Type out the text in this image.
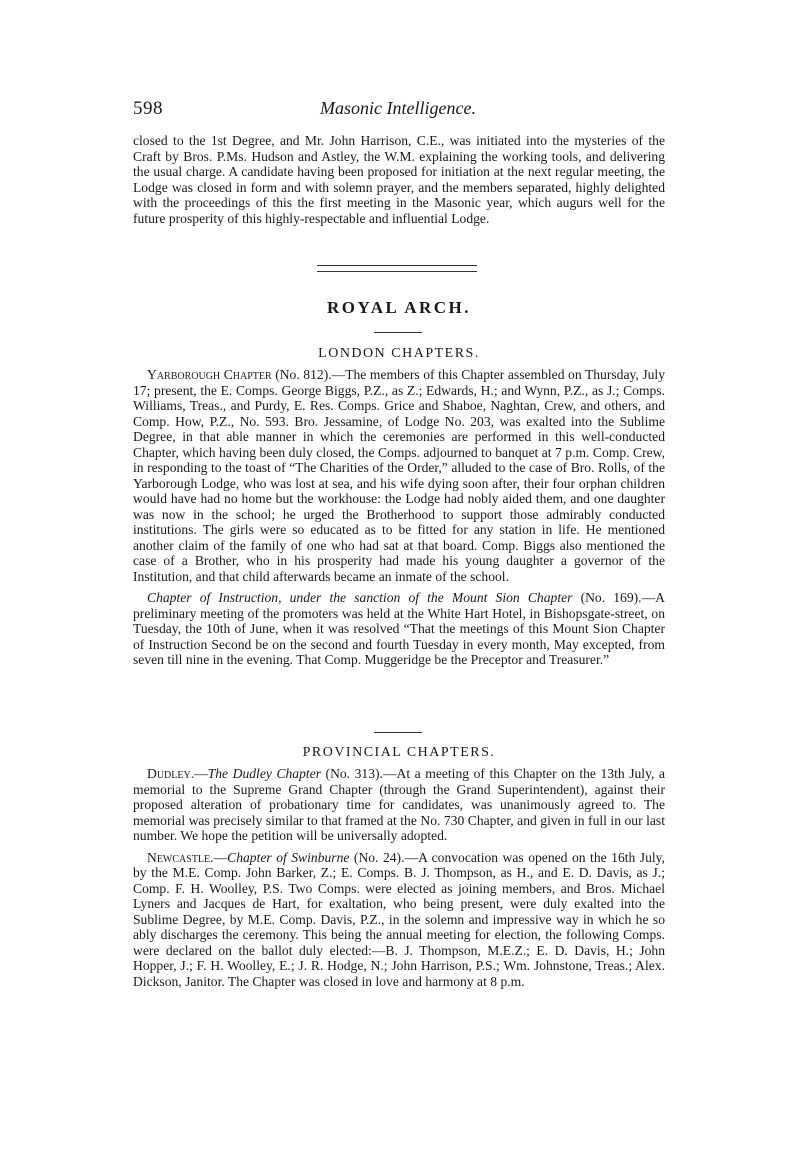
598	Masonic Intelligence.

closed to the 1st Degree, and Mr. John Harrison, C.E., was initiated into the mysteries of the Craft by Bros. P.Ms. Hudson and Astley, the W.M. explaining the working tools, and delivering the usual charge. A candidate having been proposed for initiation at the next regular meeting, the Lodge was closed in form and with solemn prayer, and the members separated, highly delighted with the proceedings of this the first meeting in the Masonic year, which augurs well for the future prosperity of this highly-respectable and influential Lodge.

ROYAL ARCH.
LONDON CHAPTERS.

Yarborough Chapter (No. 812).—The members of this Chapter assembled on Thursday, July 17; present, the E. Comps. George Biggs, P.Z., as Z.; Edwards, H.; and Wynn, P.Z., as J.; Comps. Williams, Treas., and Purdy, E. Res. Comps. Grice and Shaboe, Naghtan, Crew, and others, and Comp. How, P.Z., No. 593. Bro. Jessamine, of Lodge No. 203, was exalted into the Sublime Degree, in that able manner in which the ceremonies are performed in this well-conducted Chapter, which having been duly closed, the Comps. adjourned to banquet at 7 p.m. Comp. Crew, in responding to the toast of “The Charities of the Order,” alluded to the case of Bro. Rolls, of the Yarborough Lodge, who was lost at sea, and his wife dying soon after, their four orphan children would have had no home but the workhouse: the Lodge had nobly aided them, and one daughter was now in the school; he urged the Brotherhood to support those admirably conducted institutions. The girls were so educated as to be fitted for any station in life. He mentioned another claim of the family of one who had sat at that board. Comp. Biggs also mentioned the case of a Brother, who in his prosperity had made his young daughter a governor of the Institution, and that child afterwards became an inmate of the school.

Chapter of Instruction, under the sanction of the Mount Sion Chapter (No. 169).—A preliminary meeting of the promoters was held at the White Hart Hotel, in Bishopsgate-street, on Tuesday, the 10th of June, when it was resolved “That the meetings of this Mount Sion Chapter of Instruction Second be on the second and fourth Tuesday in every month, May excepted, from seven till nine in the evening. That Comp. Muggeridge be the Preceptor and Treasurer.”

PROVINCIAL CHAPTERS.

Dudley.—The Dudley Chapter (No. 313).—At a meeting of this Chapter on the 13th July, a memorial to the Supreme Grand Chapter (through the Grand Superintendent), against their proposed alteration of probationary time for candidates, was unanimously agreed to. The memorial was precisely similar to that framed at the No. 730 Chapter, and given in full in our last number. We hope the petition will be universally adopted.

Newcastle.—Chapter of Swinburne (No. 24).—A convocation was opened on the 16th July, by the M.E. Comp. John Barker, Z.; E. Comps. B. J. Thompson, as H., and E. D. Davis, as J.; Comp. F. H. Woolley, P.S. Two Comps. were elected as joining members, and Bros. Michael Lyners and Jacques de Hart, for exaltation, who being present, were duly exalted into the Sublime Degree, by M.E. Comp. Davis, P.Z., in the solemn and impressive way in which he so ably discharges the ceremony. This being the annual meeting for election, the following Comps. were declared on the ballot duly elected:—B. J. Thompson, M.E.Z.; E. D. Davis, H.; John Hopper, J.; F. H. Woolley, E.; J. R. Hodge, N.; John Harrison, P.S.; Wm. Johnstone, Treas.; Alex. Dickson, Janitor. The Chapter was closed in love and harmony at 8 p.m.
